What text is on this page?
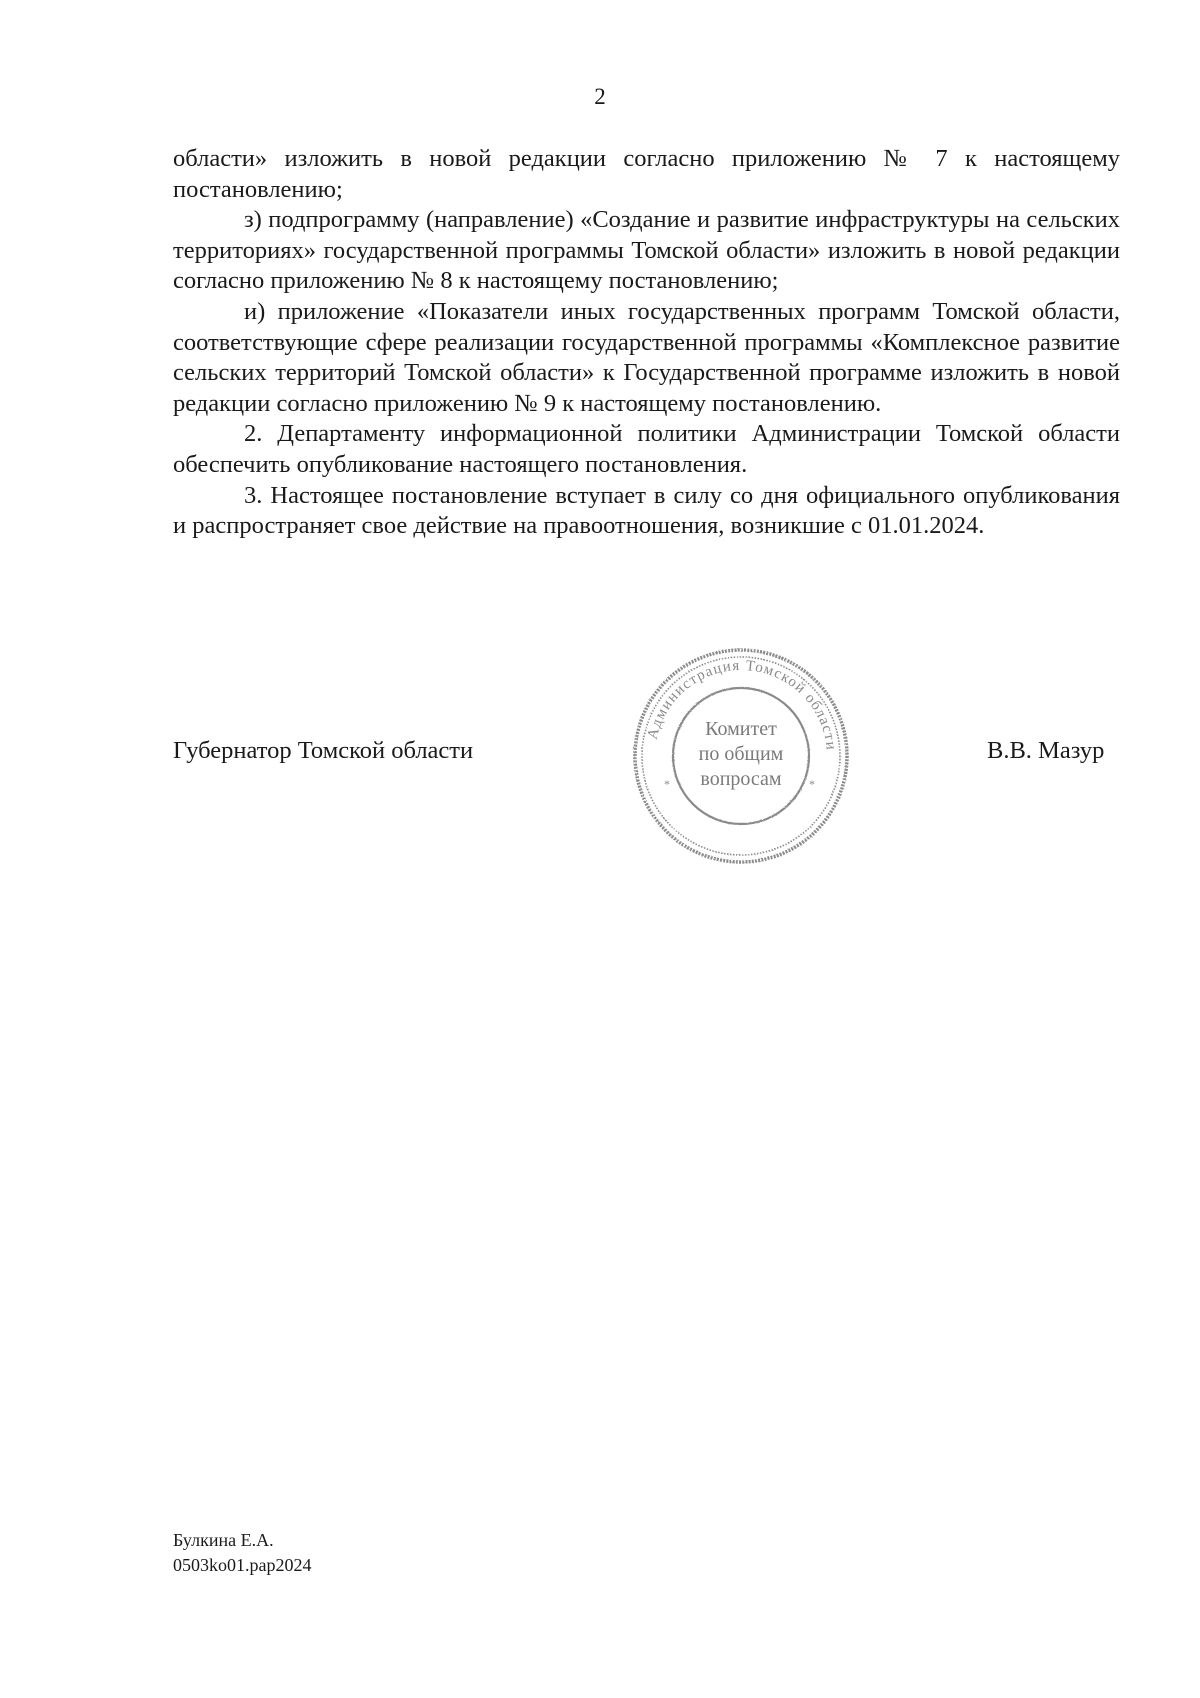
2

области» изложить в новой редакции согласно приложению № 7 к настоящему постановлению;

з) подпрограмму (направление) «Создание и развитие инфраструктуры на сельских территориях» государственной программы Томской области» изложить в новой редакции согласно приложению № 8 к настоящему постановлению;

и) приложение «Показатели иных государственных программ Томской области, соответствующие сфере реализации государственной программы «Комплексное развитие сельских территорий Томской области» к Государственной программе изложить в новой редакции согласно приложению № 9 к настоящему постановлению.

2. Департаменту информационной политики Администрации Томской области обеспечить опубликование настоящего постановления.

3. Настоящее постановление вступает в силу со дня официального опубликования и распространяет свое действие на правоотношения, возникшие с 01.01.2024.

Губернатор Томской области
Администрация Томской области
*	*
Комитет
по общим
вопросам
В.В. Мазур
Булкина Е.А.
0503ko01.pap2024
